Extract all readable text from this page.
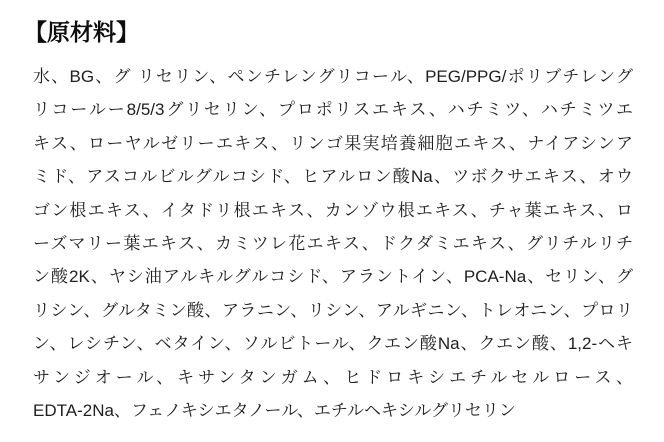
【原材料】
水、BG、グ リセリン、ペンチレングリコール、PEG/PPG/ポリブチレング
リコールー8/5/3グリセリン、プロポリスエキス、ハチミツ、ハチミツエ
キス、ローヤルゼリーエキス、リンゴ果実培養細胞エキス、ナイアシンア
ミド、アスコルビルグルコシド、ヒアルロン酸Na、ツボクサエキス、オウ
ゴン根エキス、イタドリ根エキス、カンゾウ根エキス、チャ葉エキス、ロ
ーズマリー葉エキス、カミツレ花エキス、ドクダミエキス、グリチルリチ
ン酸2K、ヤシ油アルキルグルコシド、アラントイン、PCA-Na、セリン、グ
リシン、グルタミン酸、アラニン、リシン、アルギニン、トレオニン、プロリ
ン、レシチン、ベタイン、ソルビトール、クエン酸Na、クエン酸、1,2-ヘキ
サンジオール、キサンタンガム、ヒドロキシエチルセルロース、
EDTA-2Na、フェノキシエタノール、エチルヘキシルグリセリン
